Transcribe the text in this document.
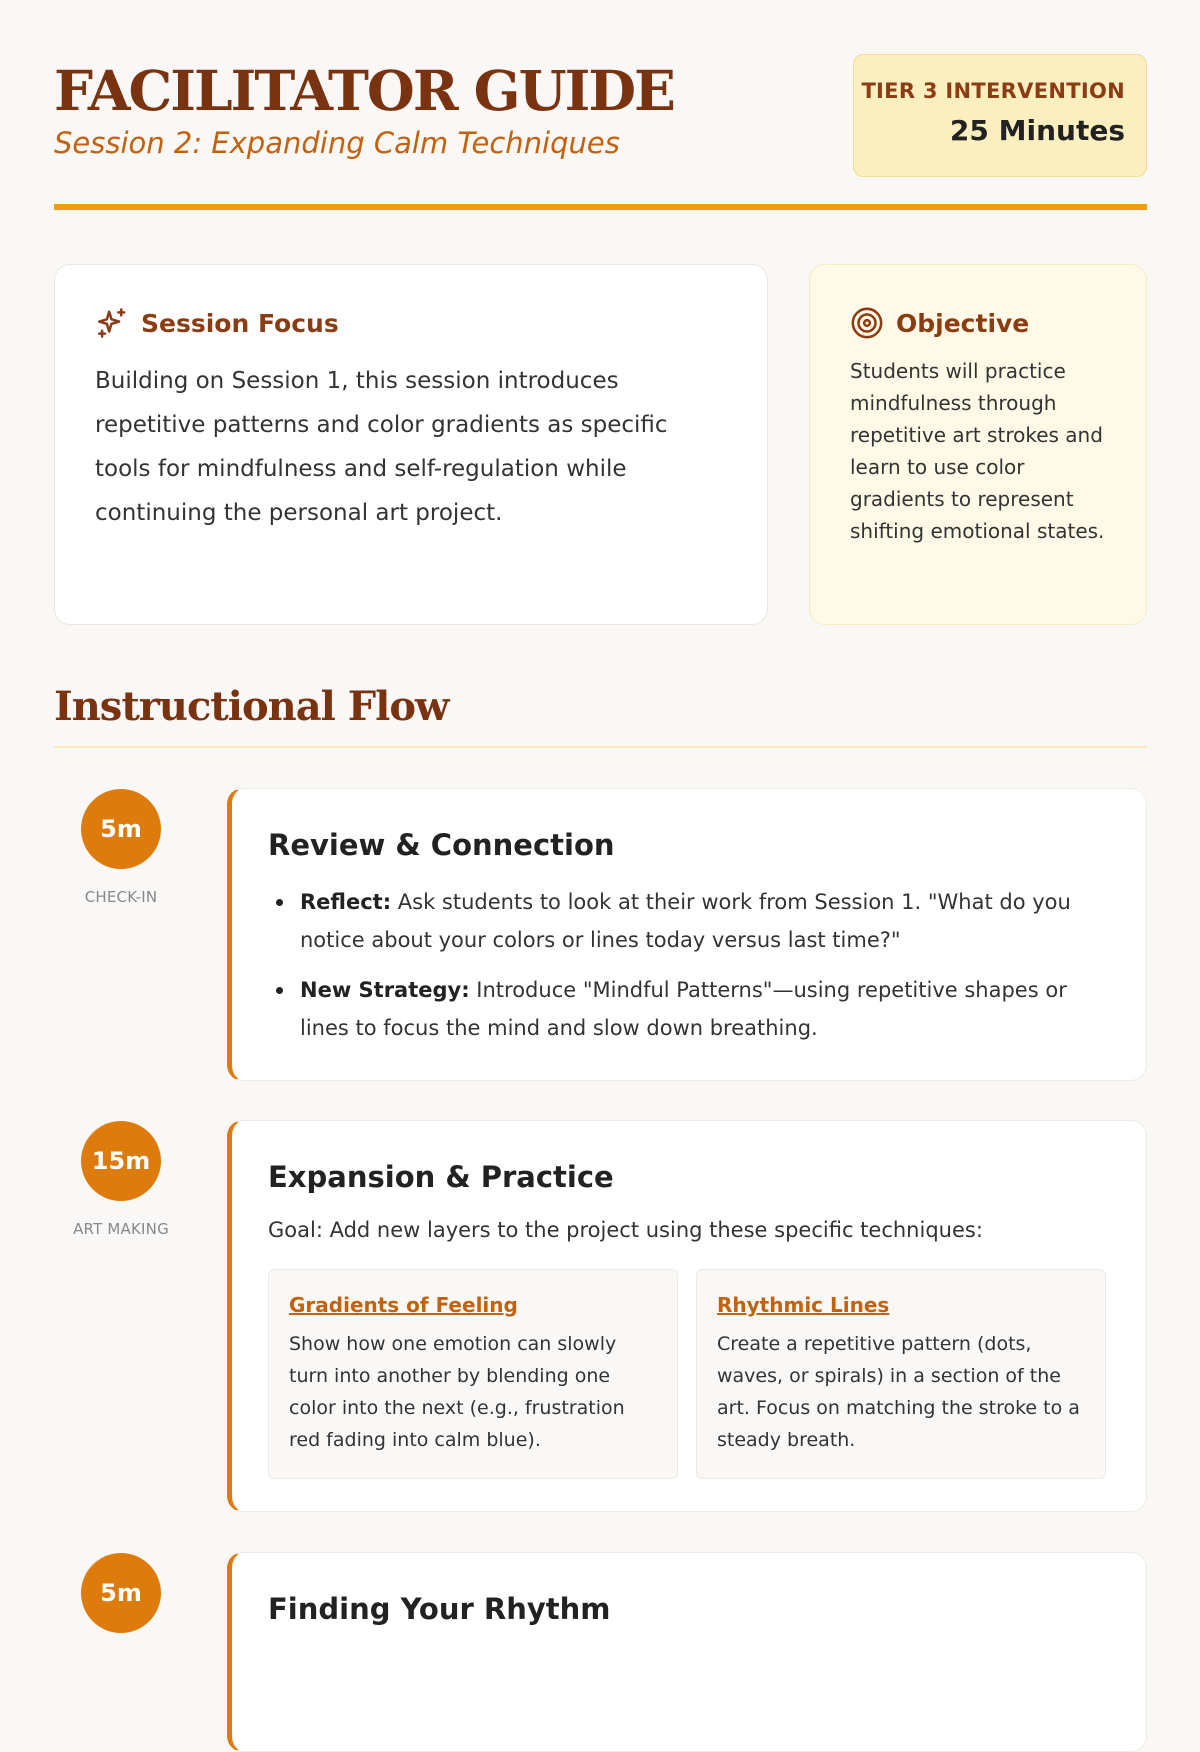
FACILITATOR GUIDE
Session 2: Expanding Calm Techniques
TIER 3 INTERVENTION
25 Minutes
Session Focus

Building on Session 1, this session introduces repetitive patterns and color gradients as specific tools for mindfulness and self-regulation while continuing the personal art project.

Objective

Students will practice mindfulness through repetitive art strokes and learn to use color gradients to represent shifting emotional states.

Instructional Flow
5m
CHECK-IN
Review & Connection
Reflect: Ask students to look at their work from Session 1. "What do you notice about your colors or lines today versus last time?"
New Strategy: Introduce "Mindful Patterns"—using repetitive shapes or lines to focus the mind and slow down breathing.
15m
ART MAKING
Expansion & Practice

Goal: Add new layers to the project using these specific techniques:

Gradients of Feeling

Show how one emotion can slowly turn into another by blending one color into the next (e.g., frustration red fading into calm blue).

Rhythmic Lines

Create a repetitive pattern (dots, waves, or spirals) in a section of the art. Focus on matching the stroke to a steady breath.

5m	Finding Your Rhythm
